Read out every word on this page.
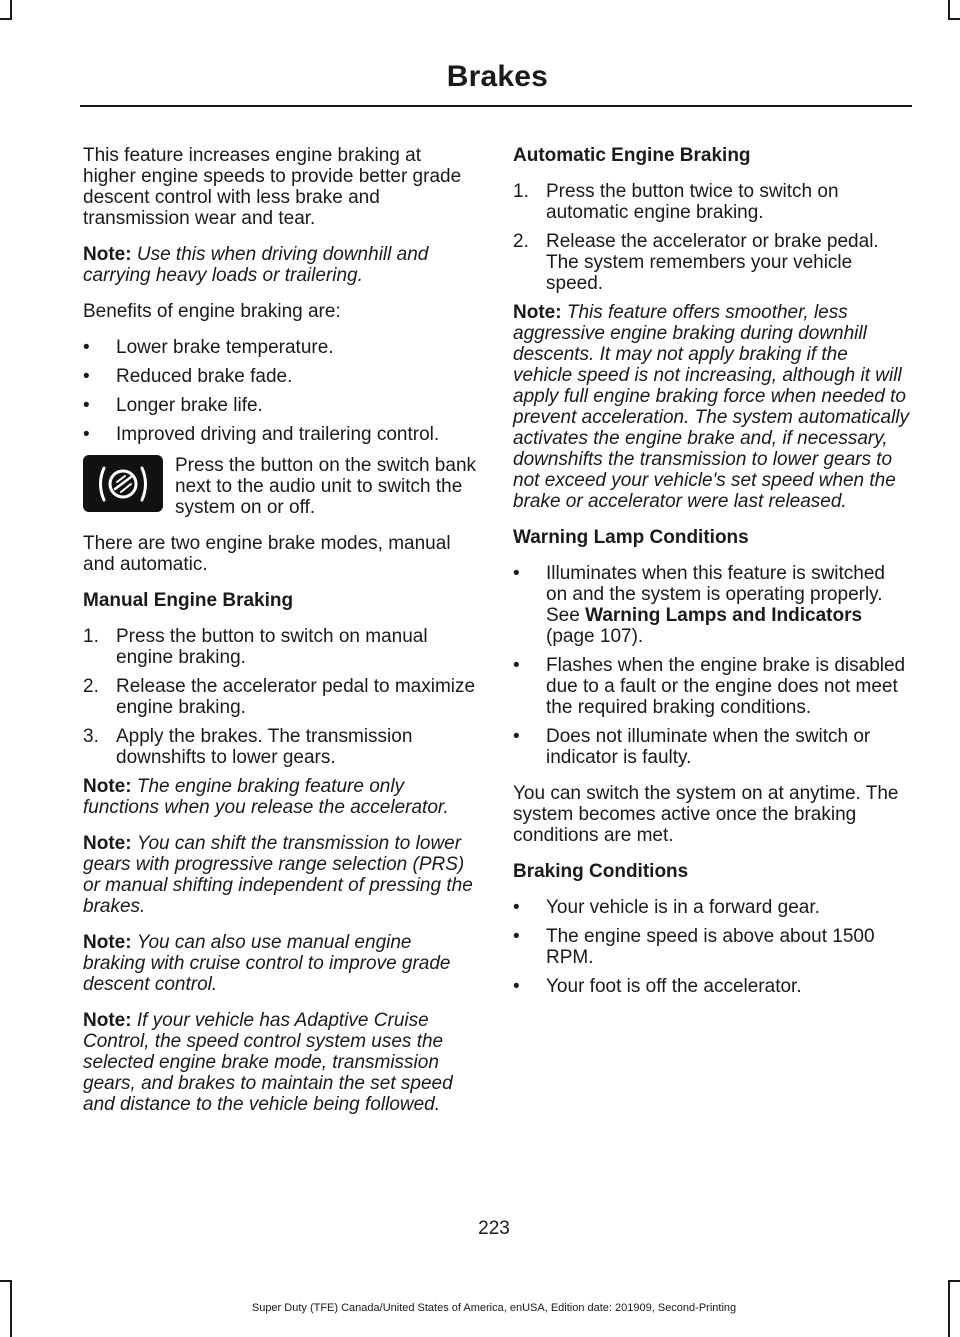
Brakes

This feature increases engine braking at higher engine speeds to provide better grade descent control with less brake and transmission wear and tear.

Note: Use this when driving downhill and carrying heavy loads or trailering.

Benefits of engine braking are:

•	Lower brake temperature.
•	Reduced brake fade.
•	Longer brake life.
•	Improved driving and trailering control.
Press the button on the switch bank next to the audio unit to switch the system on or off.

There are two engine brake modes, manual and automatic.

Manual Engine Braking
1. Press the button to switch on manual engine braking.
2. Release the accelerator pedal to maximize engine braking.
3. Apply the brakes. The transmission downshifts to lower gears.

Note: The engine braking feature only functions when you release the accelerator.

Note: You can shift the transmission to lower gears with progressive range selection (PRS) or manual shifting independent of pressing the brakes.

Note: You can also use manual engine braking with cruise control to improve grade descent control.

Note: If your vehicle has Adaptive Cruise Control, the speed control system uses the selected engine brake mode, transmission gears, and brakes to maintain the set speed and distance to the vehicle being followed.

Automatic Engine Braking
1. Press the button twice to switch on automatic engine braking.
2. Release the accelerator or brake pedal. The system remembers your vehicle speed.

Note: This feature offers smoother, less aggressive engine braking during downhill descents. It may not apply braking if the vehicle speed is not increasing, although it will apply full engine braking force when needed to prevent acceleration. The system automatically activates the engine brake and, if necessary, downshifts the transmission to lower gears to not exceed your vehicle's set speed when the brake or accelerator were last released.

Warning Lamp Conditions
•	Illuminates when this feature is switched on and the system is operating properly. See Warning Lamps and Indicators (page 107).
•	Flashes when the engine brake is disabled due to a fault or the engine does not meet the required braking conditions.
•	Does not illuminate when the switch or indicator is faulty.

You can switch the system on at anytime. The system becomes active once the braking conditions are met.

Braking Conditions
•	Your vehicle is in a forward gear.
•	The engine speed is above about 1500 RPM.
•	Your foot is off the accelerator.
223
Super Duty (TFE) Canada/United States of America, enUSA, Edition date: 201909, Second-Printing
